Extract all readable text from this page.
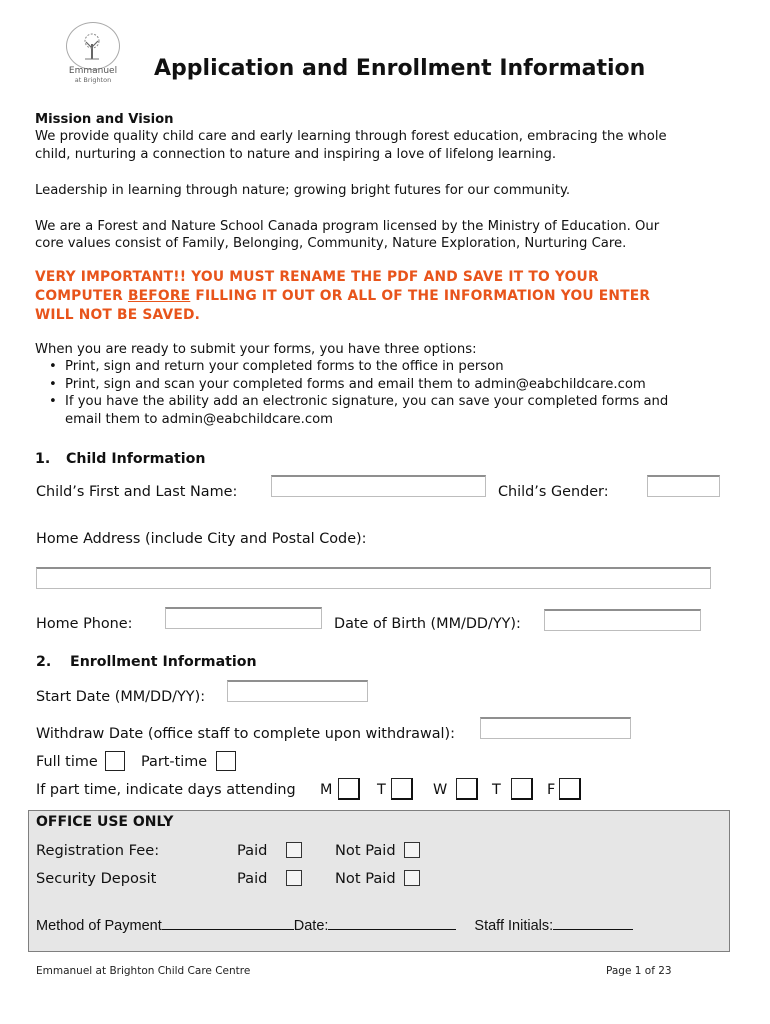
Emmanuel
at Brighton	Application and Enrollment Information
Mission and Vision
We provide quality child care and early learning through forest education, embracing the whole
child, nurturing a connection to nature and inspiring a love of lifelong learning.
Leadership in learning through nature; growing bright futures for our community.
We are a Forest and Nature School Canada program licensed by the Ministry of Education. Our
core values consist of Family, Belonging, Community, Nature Exploration, Nurturing Care.
VERY IMPORTANT!! YOU MUST RENAME THE PDF AND SAVE IT TO YOUR
COMPUTER BEFORE FILLING IT OUT OR ALL OF THE INFORMATION YOU ENTER
WILL NOT BE SAVED.
When you are ready to submit your forms, you have three options:
• Print, sign and return your completed forms to the office in person
• Print, sign and scan your completed forms and email them to admin@eabchildcare.com
• If you have the ability add an electronic signature, you can save your completed forms and
email them to admin@eabchildcare.com
1. Child Information
Child’s First and Last Name:	Child’s Gender:
Home Address (include City and Postal Code):
Home Phone:	Date of Birth (MM/DD/YY):
2. Enrollment Information
Start Date (MM/DD/YY):
Withdraw Date (office staff to complete upon withdrawal):
Full time	Part-time
If part time, indicate days attending M	T	W	T	F
OFFICE USE ONLY
Registration Fee:	Paid	Not Paid
Security Deposit	Paid	Not Paid
Method of Payment	Date:	Staff Initials:
Emmanuel at Brighton Child Care Centre	Page 1 of 23
